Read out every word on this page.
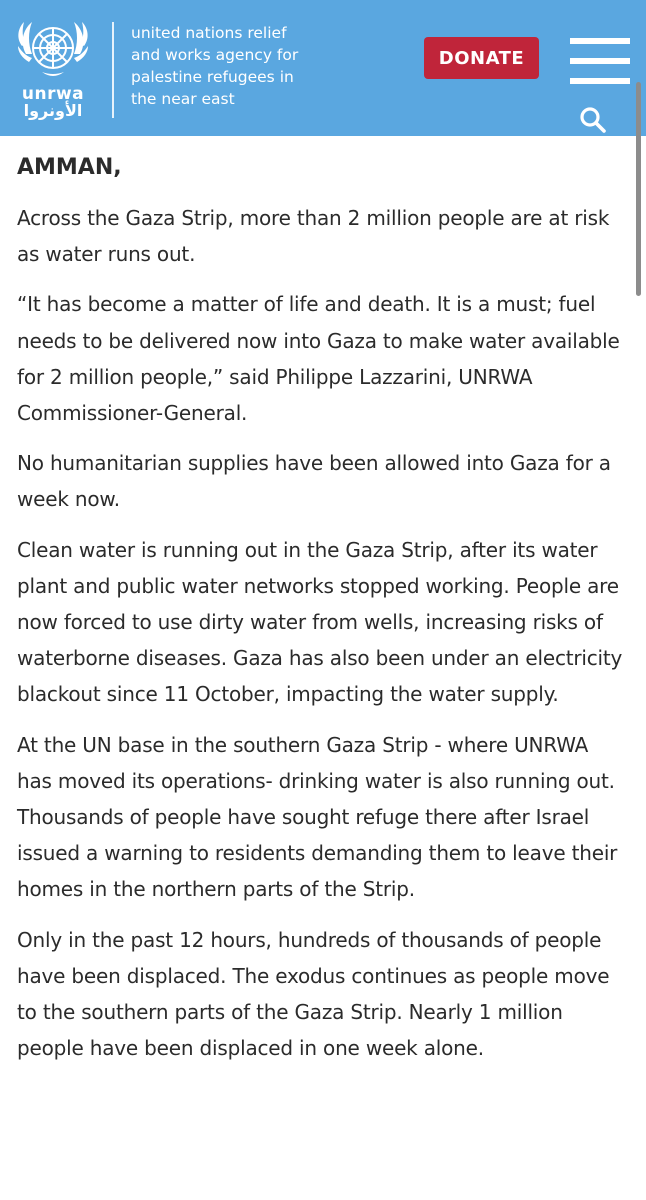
unrwa
الأونروا
united nations relief
and works agency for
palestine refugees in
the near east
DONATE
AMMAN,

Across the Gaza Strip, more than 2 million people are at risk as water runs out.

“It has become a matter of life and death. It is a must; fuel needs to be delivered now into Gaza to make water available for 2 million people,” said Philippe Lazzarini, UNRWA Commissioner-General.

No humanitarian supplies have been allowed into Gaza for a week now.

Clean water is running out in the Gaza Strip, after its water plant and public water networks stopped working. People are now forced to use dirty water from wells, increasing risks of waterborne diseases. Gaza has also been under an electricity blackout since 11 October, impacting the water supply.

At the UN base in the southern Gaza Strip - where UNRWA has moved its operations- drinking water is also running out. Thousands of people have sought refuge there after Israel issued a warning to residents demanding them to leave their homes in the northern parts of the Strip.

Only in the past 12 hours, hundreds of thousands of people have been displaced. The exodus continues as people move to the southern parts of the Gaza Strip. Nearly 1 million people have been displaced in one week alone.
